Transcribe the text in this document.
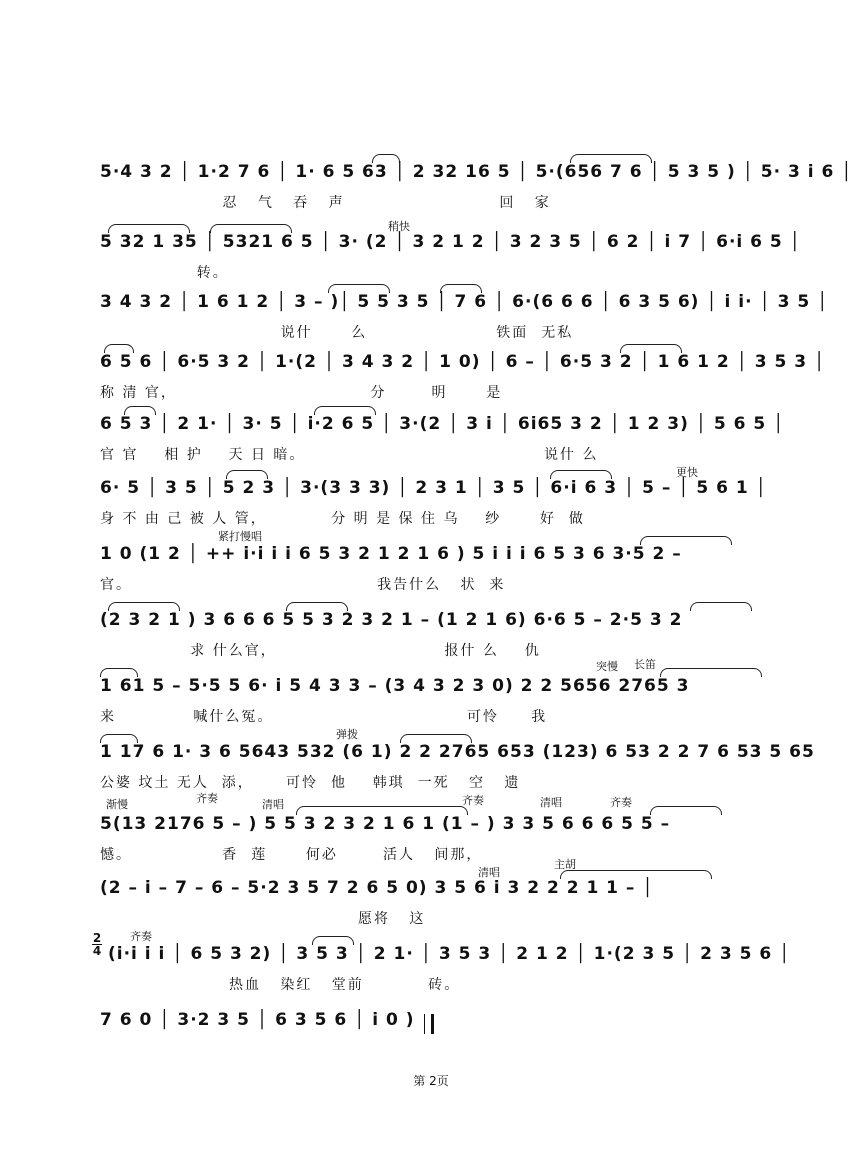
5·4 3 2 │ 1·2 7 6 │ 1· 6 5 63 │ 2 32 16 5 │ 5·(656 7 6 │ 5 3 5 ) │ 5· 3 i 6 │
忍   气   吞   声                        回   家
稍快
5 32 1 35 │ 5321 6 5 │ 3· (2 │ 3 2 1 2 │ 3 2 3 5 │ 6 2 │ i 7 │ 6·i 6 5 │
转。
3 4 3 2 │ 1 6 1 2 │ 3 – )│ 5 5 3 5 │ 7 6 │ 6·(6 6 6 │ 6 3 5 6) │ i i· │ 3 5 │
说什      么                    铁面  无私
6 5 6 │ 6·5 3 2 │ 1·(2 │ 3 4 3 2 │ 1 0) │ 6 – │ 6·5 3 2 │ 1 6 1 2 │ 3 5 3 │
称 清 官，                              分       明      是
6 5 3 │ 2 1· │ 3· 5 │ i·2 6 5 │ 3·(2 │ 3 i │ 6i65 3 2 │ 1 2 3) │ 5 6 5 │
官 官    相 护    天 日 暗。                                     说什 么
更快
6· 5 │ 3 5 │ 5 2 3 │ 3·(3 3 3) │ 2 3 1 │ 3 5 │ 6·i 6 3 │ 5 – │ 5 6 1 │
身 不 由 己 被 人 管，          分 明 是 保 住 乌    纱      好  做
紧打慢唱
1 0 (1 2 │ ++ i·i i i 6 5 3 2 1 2 1 6 ) 5 i i i 6 5 3 6 3·5 2 –
官。                                      我告什么   状  来
(2 3 2 1 ) 3 6 6 6 5 5 3 2 3 2 1 – (1 2 1 6) 6·6 5 – 2·5 3 2
求 什么官，                          报什 么    仇
突慢 长笛
1 61 5 – 5·5 5 6· i 5 4 3 3 – (3 4 3 2 3 0) 2 2 5656 2765 3
来            喊什么冤。                              可怜     我
弹拨
1 17 6 1· 3 6 5643 532 (6 1) 2 2 2765 653 (123) 6 53 2 2 7 6 53 5 65
公婆 坟土 无人  添，     可怜  他    韩琪  一死   空   遗
渐慢	齐奏	清唱	齐奏	清唱	齐奏
5(13 2176 5 – ) 5 5 3 2 3 2 1 6 1 (1 – ) 3 3 5 6 6 6 5 5 –
憾。              香  莲      何必       活人   间那，
清唱
主胡
(2 – i – 7 – 6 – 5·2 3 5 7 2 6 5 0) 3 5 6 i 3 2 2 2 1 1 – │
愿将   这
2
4
齐奏
(i·i i i │ 6 5 3 2) │ 3 5 3 │ 2 1· │ 3 5 3 │ 2 1 2 │ 1·(2 3 5 │ 2 3 5 6 │
热血   染红   堂前          砖。
7 6 0 │ 3·2 3 5 │ 6 3 5 6 │ i 0 )
第 2页
